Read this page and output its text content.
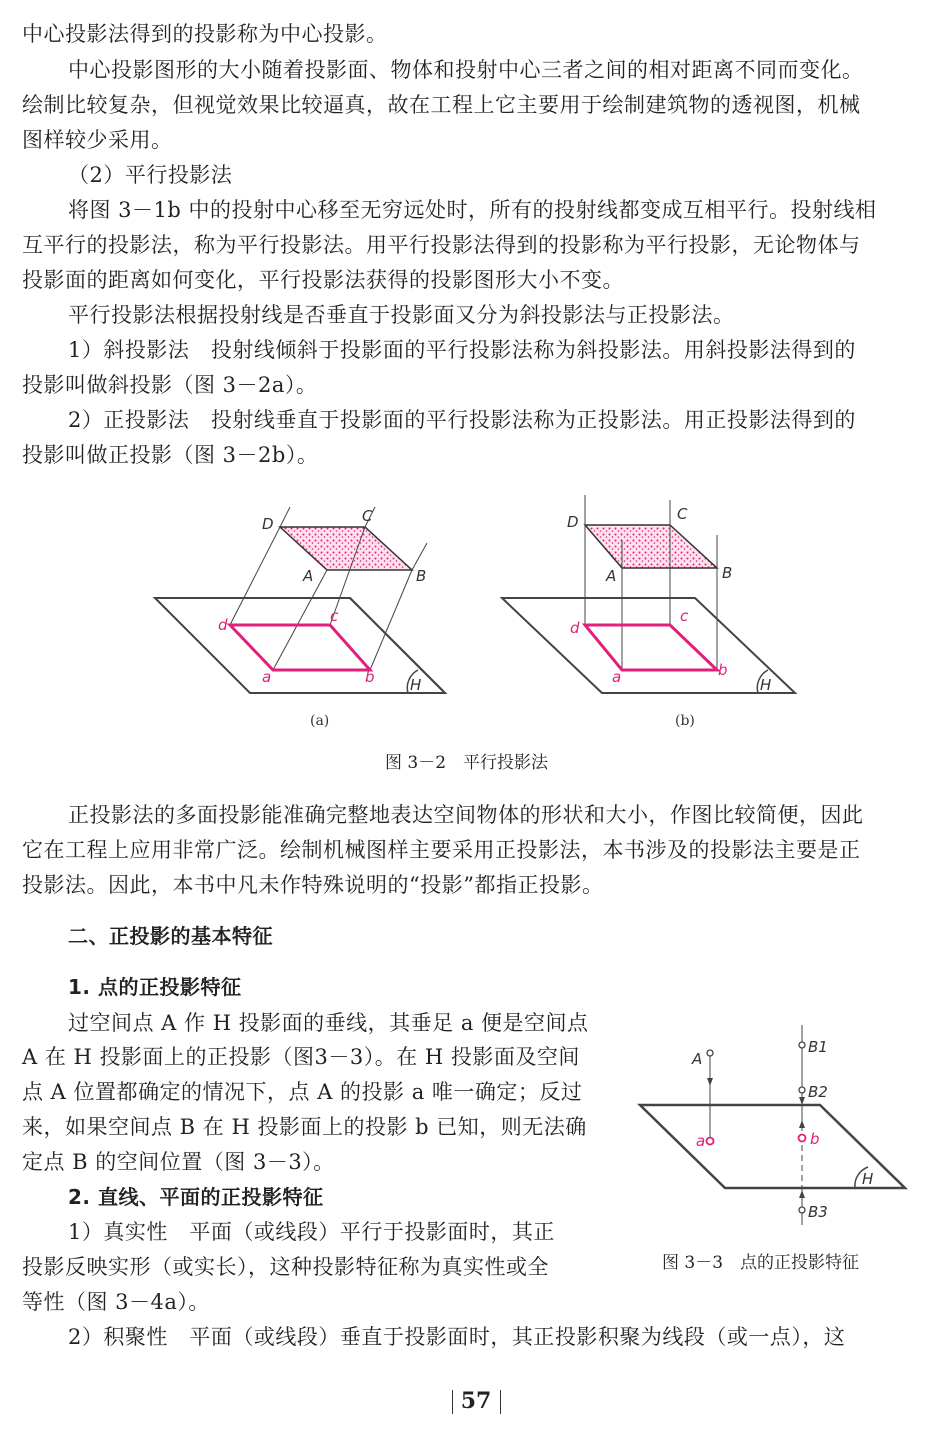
中心投影法得到的投影称为中心投影。
中心投影图形的大小随着投影面、物体和投射中心三者之间的相对距离不同而变化。
绘制比较复杂，但视觉效果比较逼真，故在工程上它主要用于绘制建筑物的透视图，机械
图样较少采用。
（2）平行投影法
将图 3－1b 中的投射中心移至无穷远处时，所有的投射线都变成互相平行。投射线相
互平行的投影法，称为平行投影法。用平行投影法得到的投影称为平行投影，无论物体与
投影面的距离如何变化，平行投影法获得的投影图形大小不变。
平行投影法根据投射线是否垂直于投影面又分为斜投影法与正投影法。
1）斜投影法　投射线倾斜于投影面的平行投影法称为斜投影法。用斜投影法得到的
投影叫做斜投影（图 3－2a）。
2）正投影法　投射线垂直于投影面的平行投影法称为正投影法。用正投影法得到的
投影叫做正投影（图 3－2b）。
D	C
A	B
d	c
a	b H
(a)
D	C
A	B
d
c
a	b
H
(b)
图 3－2　平行投影法
正投影法的多面投影能准确完整地表达空间物体的形状和大小，作图比较简便，因此
它在工程上应用非常广泛。绘制机械图样主要采用正投影法，本书涉及的投影法主要是正
投影法。因此，本书中凡未作特殊说明的“投影”都指正投影。
二、正投影的基本特征
1. 点的正投影特征
过空间点 A 作 H 投影面的垂线，其垂足 a 便是空间点
A 在 H 投影面上的正投影（图3－3）。在 H 投影面及空间
点 A 位置都确定的情况下，点 A 的投影 a 唯一确定；反过
来，如果空间点 B 在 H 投影面上的投影 b 已知，则无法确
定点 B 的空间位置（图 3－3）。
2. 直线、平面的正投影特征
1）真实性　平面（或线段）平行于投影面时，其正
投影反映实形（或实长），这种投影特征称为真实性或全
等性（图 3－4a）。
2）积聚性　平面（或线段）垂直于投影面时，其正投影积聚为线段（或一点），这
A
B1
B2
a	b
H
B3
图 3－3　点的正投影特征
57
